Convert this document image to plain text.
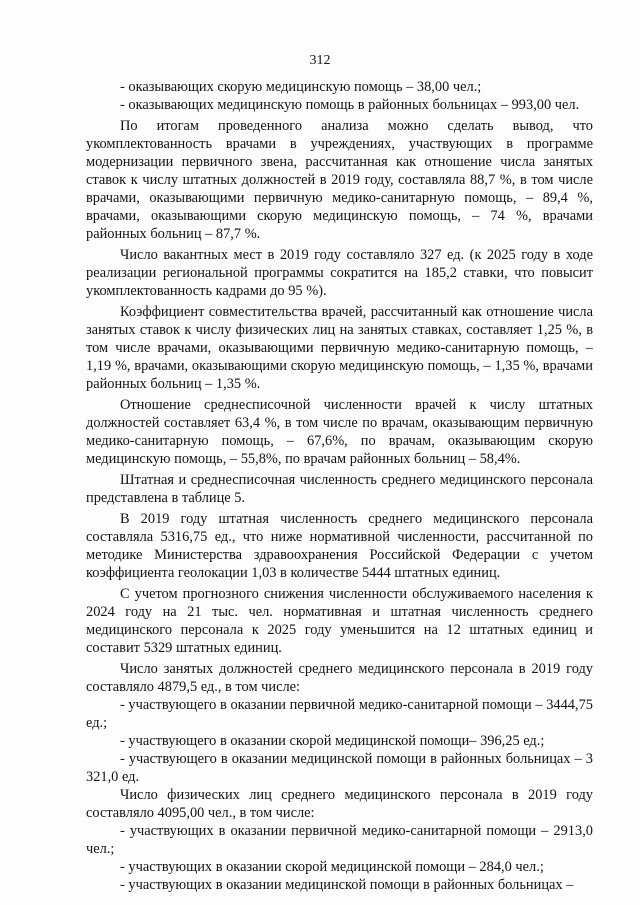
312

- оказывающих скорую медицинскую помощь – 38,00 чел.;

- оказывающих медицинскую помощь в районных больницах – 993,00 чел.

По итогам проведенного анализа можно сделать вывод, что укомплектованность врачами в учреждениях, участвующих в программе модернизации первичного звена, рассчитанная как отношение числа занятых ставок к числу штатных должностей в 2019 году, составляла 88,7 %, в том числе врачами, оказывающими первичную медико-санитарную помощь, – 89,4 %, врачами, оказывающими скорую медицинскую помощь, – 74 %, врачами районных больниц – 87,7 %.

Число вакантных мест в 2019 году составляло 327 ед. (к 2025 году в ходе реализации региональной программы сократится на 185,2 ставки, что повысит укомплектованность кадрами до 95 %).

Коэффициент совместительства врачей, рассчитанный как отношение числа занятых ставок к числу физических лиц на занятых ставках, составляет 1,25 %, в том числе врачами, оказывающими первичную медико-санитарную помощь, – 1,19 %, врачами, оказывающими скорую медицинскую помощь, – 1,35 %, врачами районных больниц – 1,35 %.

Отношение среднесписочной численности врачей к числу штатных должностей составляет 63,4 %, в том числе по врачам, оказывающим первичную медико-санитарную помощь, – 67,6%, по врачам, оказывающим скорую медицинскую помощь, – 55,8%, по врачам районных больниц – 58,4%.

Штатная и среднесписочная численность среднего медицинского персонала представлена в таблице 5.

В 2019 году штатная численность среднего медицинского персонала составляла 5316,75 ед., что ниже нормативной численности, рассчитанной по методике Министерства здравоохранения Российской Федерации с учетом коэффициента геолокации 1,03 в количестве 5444 штатных единиц.

С учетом прогнозного снижения численности обслуживаемого населения к 2024 году на 21 тыс. чел. нормативная и штатная численность среднего медицинского персонала к 2025 году уменьшится на 12 штатных единиц и составит 5329 штатных единиц.

Число занятых должностей среднего медицинского персонала в 2019 году составляло 4879,5 ед., в том числе:

- участвующего в оказании первичной медико-санитарной помощи – 3444,75 ед.;

- участвующего в оказании скорой медицинской помощи– 396,25 ед.;

- участвующего в оказании медицинской помощи в районных больницах – 3 321,0 ед.

Число физических лиц среднего медицинского персонала в 2019 году составляло 4095,00 чел., в том числе:

- участвующих в оказании первичной медико-санитарной помощи – 2913,0 чел.;

- участвующих в оказании скорой медицинской помощи – 284,0 чел.;

- участвующих в оказании медицинской помощи в районных больницах –
